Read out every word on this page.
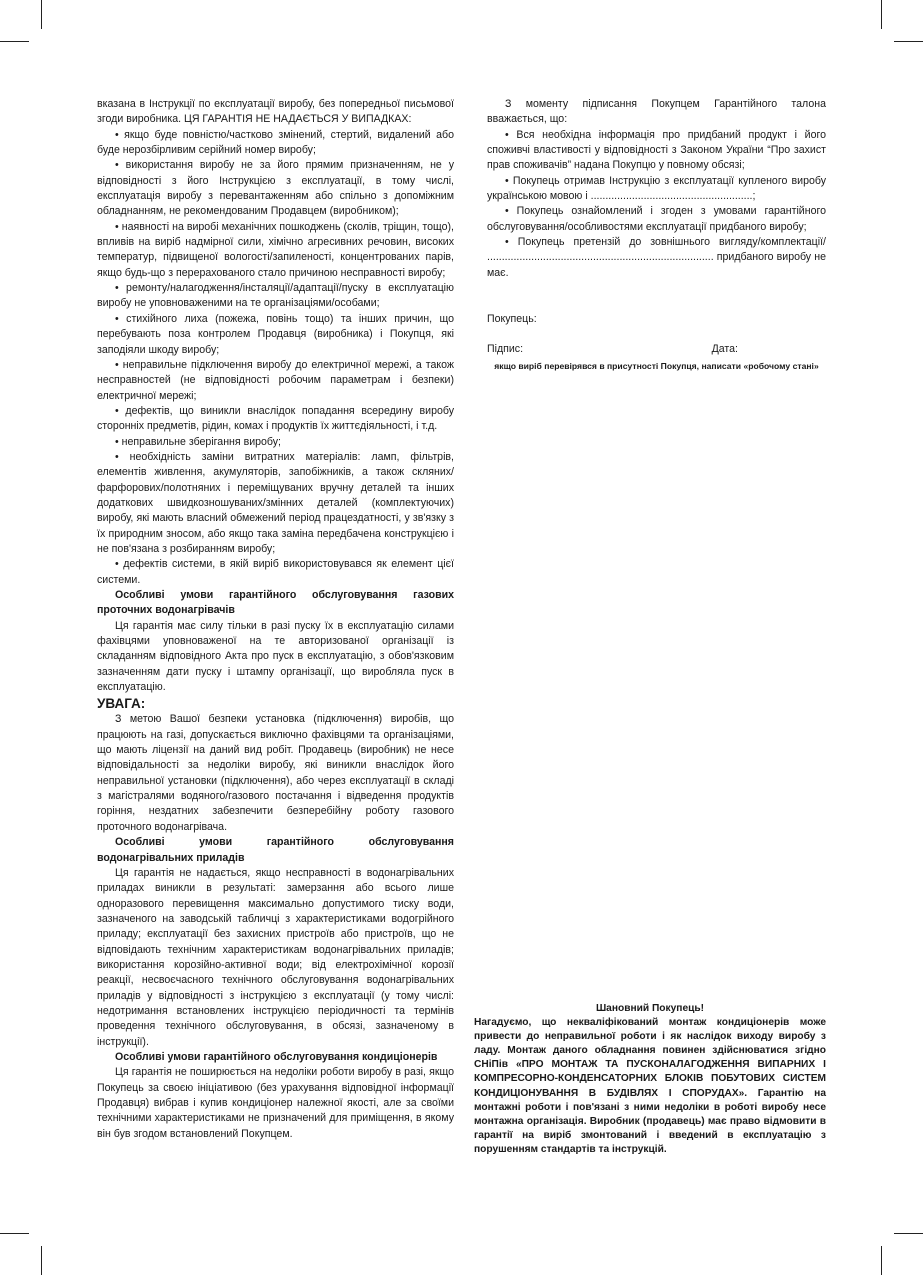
вказана в Інструкції по експлуатації виробу, без попередньої письмової згоди виробника. ЦЯ ГАРАНТІЯ НЕ НАДАЄТЬСЯ У ВИПАДКАХ:

• якщо буде повністю/частково змінений, стертий, видалений або буде нерозбірливим серійний номер виробу;

• використання виробу не за його прямим призначенням, не у відповідності з його Інструкцією з експлуатації, в тому числі, експлуатація виробу з перевантаженням або спільно з допоміжним обладнанням, не рекомендованим Продавцем (виробником);

• наявності на виробі механічних пошкоджень (сколів, тріщин, тощо), впливів на виріб надмірної сили, хімічно агресивних речовин, високих температур, підвищеної вологості/запиленості, концентрованих парів, якщо будь-що з перерахованого стало причиною несправності виробу;

• ремонту/налагодження/інсталяції/адаптації/пуску в експлуатацію виробу не уповноваженими на те організаціями/особами;

• стихійного лиха (пожежа, повінь тощо) та інших причин, що перебувають поза контролем Продавця (виробника) і Покупця, які заподіяли шкоду виробу;

• неправильне підключення виробу до електричної мережі, а також несправностей (не відповідності робочим параметрам і безпеки) електричної мережі;

• дефектів, що виникли внаслідок попадання всередину виробу сторонніх предметів, рідин, комах і продуктів їх життєдіяльності, і т.д.

• неправильне зберігання виробу;

• необхідність заміни витратних матеріалів: ламп, фільтрів, елементів живлення, акумуляторів, запобіжників, а також скляних/фарфорових/полотняних і переміщуваних вручну деталей та інших додаткових швидкозношуваних/змінних деталей (комплектуючих) виробу, які мають власний обмежений період працездатності, у зв'язку з їх природним зносом, або якщо така заміна передбачена конструкцією і не пов'язана з розбиранням виробу;

• дефектів системи, в якій виріб використовувався як елемент цієї системи.

Особливі умови гарантійного обслуговування газових проточних водонагрівачів

Ця гарантія має силу тільки в разі пуску їх в експлуатацію силами фахівцями уповноваженої на те авторизованої організації із складанням відповідного Акта про пуск в експлуатацію, з обов'язковим зазначенням дати пуску і штампу організації, що виробляла пуск в експлуатацію.

УВАГА:

З метою Вашої безпеки установка (підключення) виробів, що працюють на газі, допускається виключно фахівцями та організаціями, що мають ліцензії на даний вид робіт. Продавець (виробник) не несе відповідальності за недоліки виробу, які виникли внаслідок його неправильної установки (підключення), або через експлуатації в складі з магістралями водяного/газового постачання і відведення продуктів горіння, нездатних забезпечити безперебійну роботу газового проточного водонагрівача.

Особливі умови гарантійного обслуговування водонагрівальних приладів

Ця гарантія не надається, якщо несправності в водонагрівальних приладах виникли в результаті: замерзання або всього лише одноразового перевищення максимально допустимого тиску води, зазначеного на заводській табличці з характеристиками водогрійного приладу; експлуатації без захисних пристроїв або пристроїв, що не відповідають технічним характеристикам водонагрівальних приладів; використання корозійно-активної води; від електрохімічної корозії реакції, несвоєчасного технічного обслуговування водонагрівальних приладів у відповідності з інструкцією з експлуатації (у тому числі: недотримання встановлених інструкцією періодичності та термінів проведення технічного обслуговування, в обсязі, зазначеному в інструкції).

Особливі умови гарантійного обслуговування кондиціонерів

Ця гарантія не поширюється на недоліки роботи виробу в разі, якщо Покупець за своєю ініціативою (без урахування відповідної інформації Продавця) вибрав і купив кондиціонер належної якості, але за своїми технічними характеристиками не призначений для приміщення, в якому він був згодом встановлений Покупцем.

З моменту підписання Покупцем Гарантійного талона вважається, що:

• Вся необхідна інформація про придбаний продукт і його споживчі властивості у відповідності з Законом України “Про захист прав споживачів” надана Покупцю у повному обсязі;

• Покупець отримав Інструкцію з експлуатації купленого виробу українською мовою і .......................................................;

• Покупець ознайомлений і згоден з умовами гарантійного обслуговування/особливостями експлуатації придбаного виробу;

• Покупець претензій до зовнішнього вигляду/комплектації/ ............................................................................. придбаного виробу не має.

Покупець:

Підпис:	Дата:

якщо виріб перевірявся в присутності Покупця, написати «робочому стані»

Шановний Покупець!

Нагадуємо, що некваліфікований монтаж кондиціонерів може привести до неправильної роботи і як наслідок виходу виробу з ладу. Монтаж даного обладнання повинен здійснюватися згідно СНіПів «ПРО МОНТАЖ ТА ПУСКОНАЛАГОДЖЕННЯ ВИПАРНИХ І КОМПРЕСОРНО-КОНДЕНСАТОРНИХ БЛОКІВ ПОБУТОВИХ СИСТЕМ КОНДИЦІОНУВАННЯ В БУДІВЛЯХ І СПОРУДАХ». Гарантію на монтажні роботи і пов'язані з ними недоліки в роботі виробу несе монтажна організація. Виробник (продавець) має право відмовити в гарантії на виріб змонтований і введений в експлуатацію з порушенням стандартів та інструкцій.
